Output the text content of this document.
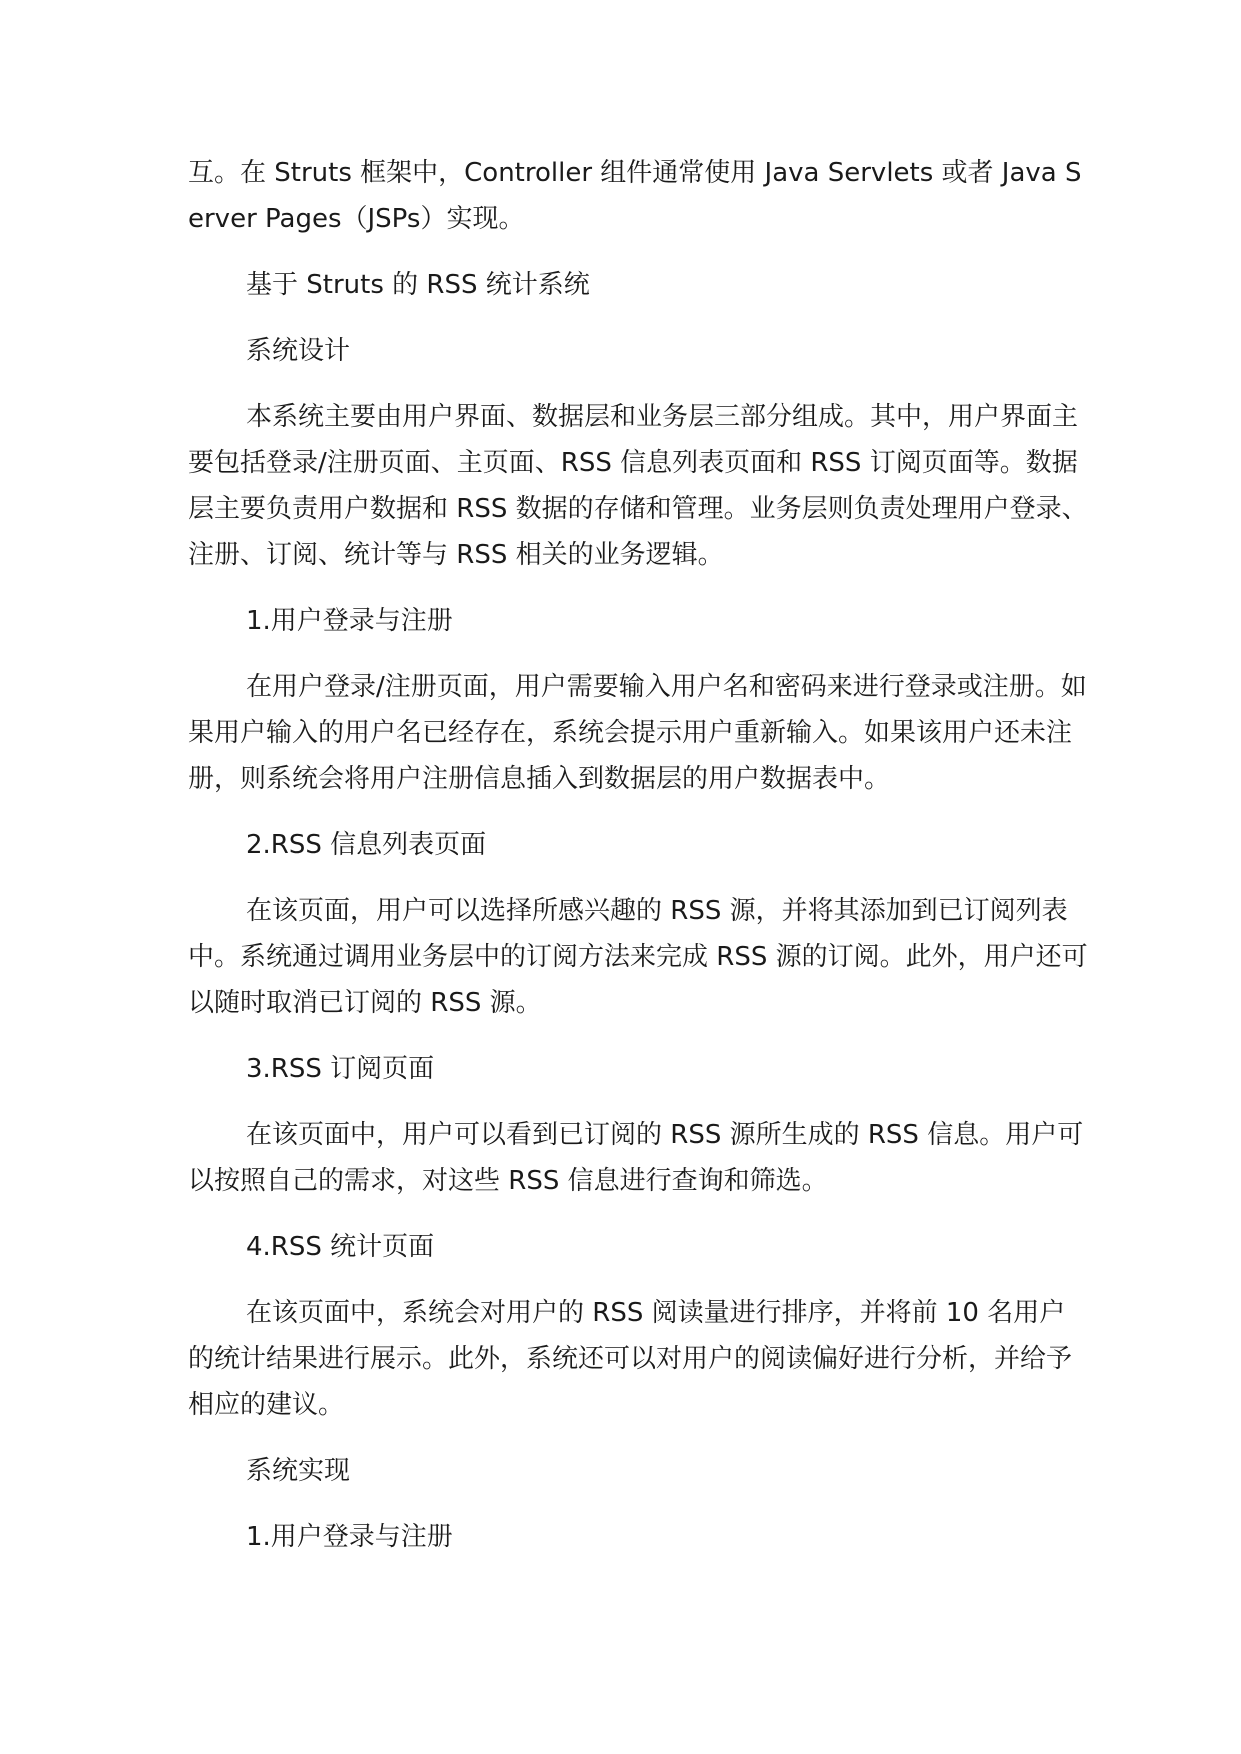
互。在 Struts 框架中，Controller 组件通常使用 Java Servlets 或者 Java Server Pages（JSPs）实现。

基于 Struts 的 RSS 统计系统

系统设计

本系统主要由用户界面、数据层和业务层三部分组成。其中，用户界面主要包括登录/注册页面、主页面、RSS 信息列表页面和 RSS 订阅页面等。数据层主要负责用户数据和 RSS 数据的存储和管理。业务层则负责处理用户登录、注册、订阅、统计等与 RSS 相关的业务逻辑。

1.用户登录与注册

在用户登录/注册页面，用户需要输入用户名和密码来进行登录或注册。如果用户输入的用户名已经存在，系统会提示用户重新输入。如果该用户还未注册，则系统会将用户注册信息插入到数据层的用户数据表中。

2.RSS 信息列表页面

在该页面，用户可以选择所感兴趣的 RSS 源，并将其添加到已订阅列表中。系统通过调用业务层中的订阅方法来完成 RSS 源的订阅。此外，用户还可以随时取消已订阅的 RSS 源。

3.RSS 订阅页面

在该页面中，用户可以看到已订阅的 RSS 源所生成的 RSS 信息。用户可以按照自己的需求，对这些 RSS 信息进行查询和筛选。

4.RSS 统计页面

在该页面中，系统会对用户的 RSS 阅读量进行排序，并将前 10 名用户的统计结果进行展示。此外，系统还可以对用户的阅读偏好进行分析，并给予相应的建议。

系统实现

1.用户登录与注册
